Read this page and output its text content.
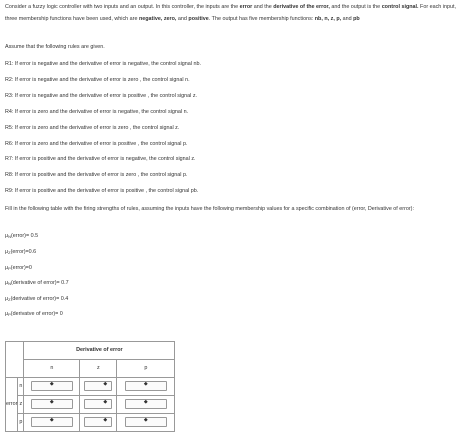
Consider a fuzzy logic controller with two inputs and an output. In this controller, the inputs are the error and the derivative of the error, and the output is the control signal. For each input, three membership functions have been used, which are negative, zero, and positive. The output has five membership functions: nb, n, z, p, and pb
Assume that the following rules are given.
R1: If error is negative and the derivative of error is negative, the control signal nb.
R2: If error is negative and the derivative of error is zero , the control signal n.
R3: If error is negative and the derivative of error is positive , the control signal z.
R4: If error is zero and the derivative of error is negative, the control signal n.
R5: If error is zero and the derivative of error is zero , the control signal z.
R6: If error is zero and the derivative of error is positive , the control signal p.
R7: If error is positive and the derivative of error is negative, the control signal z.
R8: If error is positive and the derivative of error is zero , the control signal p.
R9: If error is positive and the derivative of error is positive , the control signal pb.
Fill in the following table with the firing strengths of rules, assuming the inputs have the following membership values for a specific combination of (error, Derivative of error):
$\mu_N(error)= 0.5$
$\mu_Z(error)=0.6$
$\mu_P(error)=0$
$\mu_N(derivative$ of error)= 0.7
$\mu_Z(derivative$ of error)= 0.4
$\mu_P(derivatve$ of error)= 0
		Derivative of error		
		n	z	p
error	n	◆	◆	◆
	z	◆	◆	◆
	p	◆	◆	◆
